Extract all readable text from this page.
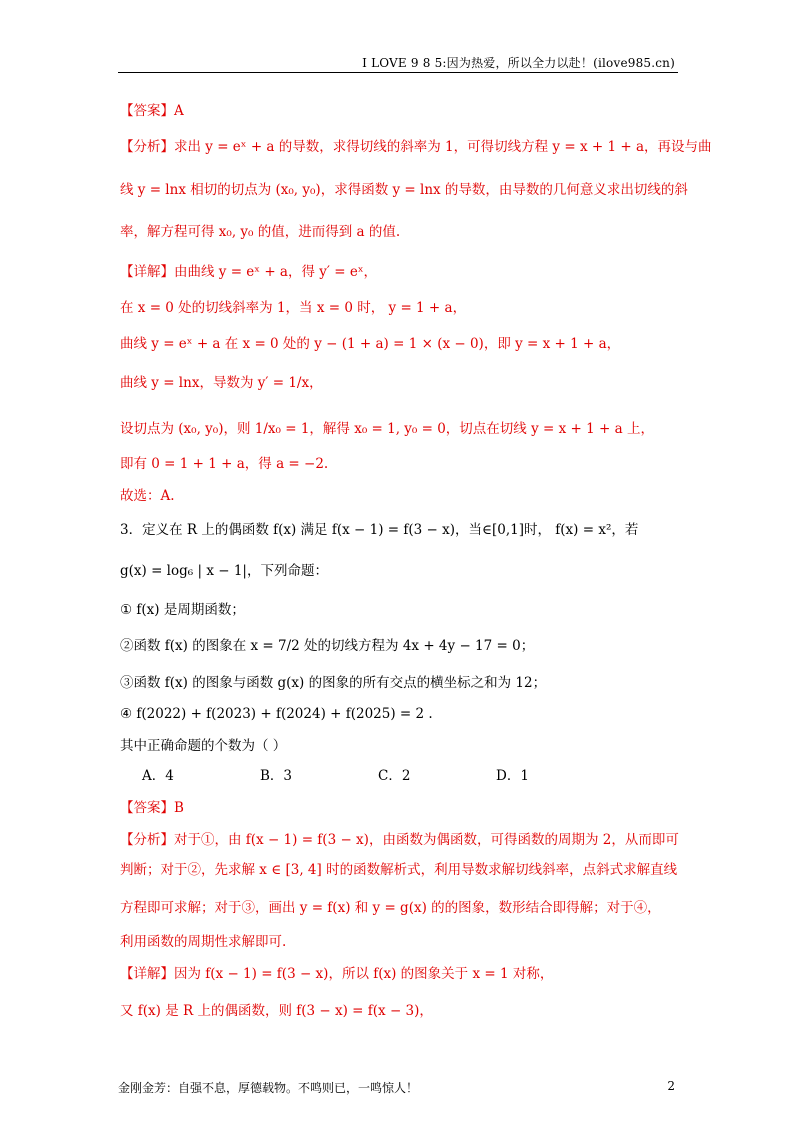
I LOVE 9 8 5:因为热爱，所以全力以赴！(ilove985.cn)
【答案】A
【分析】求出 y = eˣ + a 的导数，求得切线的斜率为 1，可得切线方程 y = x + 1 + a，再设与曲
线 y = lnx 相切的切点为 (x₀, y₀)，求得函数 y = lnx 的导数，由导数的几何意义求出切线的斜
率，解方程可得 x₀, y₀ 的值，进而得到 a 的值.
【详解】由曲线 y = eˣ + a，得 y′ = eˣ，
在 x = 0 处的切线斜率为 1，当 x = 0 时， y = 1 + a，
曲线 y = eˣ + a 在 x = 0 处的 y − (1 + a) = 1 × (x − 0)，即 y = x + 1 + a，
曲线 y = lnx，导数为 y′ = 1/x，
设切点为 (x₀, y₀)，则 1/x₀ = 1，解得 x₀ = 1, y₀ = 0，切点在切线 y = x + 1 + a 上，
即有 0 = 1 + 1 + a，得 a = −2.
故选：A.
3．定义在 R 上的偶函数 f(x) 满足 f(x − 1) = f(3 − x)，当∈[0,1]时， f(x) = x²，若
g(x) = log₆ | x − 1|，下列命题：
① f(x) 是周期函数；
②函数 f(x) 的图象在 x = 7/2 处的切线方程为 4x + 4y − 17 = 0；
③函数 f(x) 的图象与函数 g(x) 的图象的所有交点的横坐标之和为 12；
④ f(2022) + f(2023) + f(2024) + f(2025) = 2 .
其中正确命题的个数为（ ）
A．4	B．3	C．2	D．1
【答案】B
【分析】对于①，由 f(x − 1) = f(3 − x)，由函数为偶函数，可得函数的周期为 2，从而即可
判断；对于②，先求解 x ∈ [3, 4] 时的函数解析式，利用导数求解切线斜率，点斜式求解直线
方程即可求解；对于③，画出 y = f(x) 和 y = g(x) 的的图象，数形结合即得解；对于④，
利用函数的周期性求解即可.
【详解】因为 f(x − 1) = f(3 − x)，所以 f(x) 的图象关于 x = 1 对称，
又 f(x) 是 R 上的偶函数，则 f(3 − x) = f(x − 3)，
金刚金芳：自强不息，厚德载物。不鸣则已，一鸣惊人！	2
